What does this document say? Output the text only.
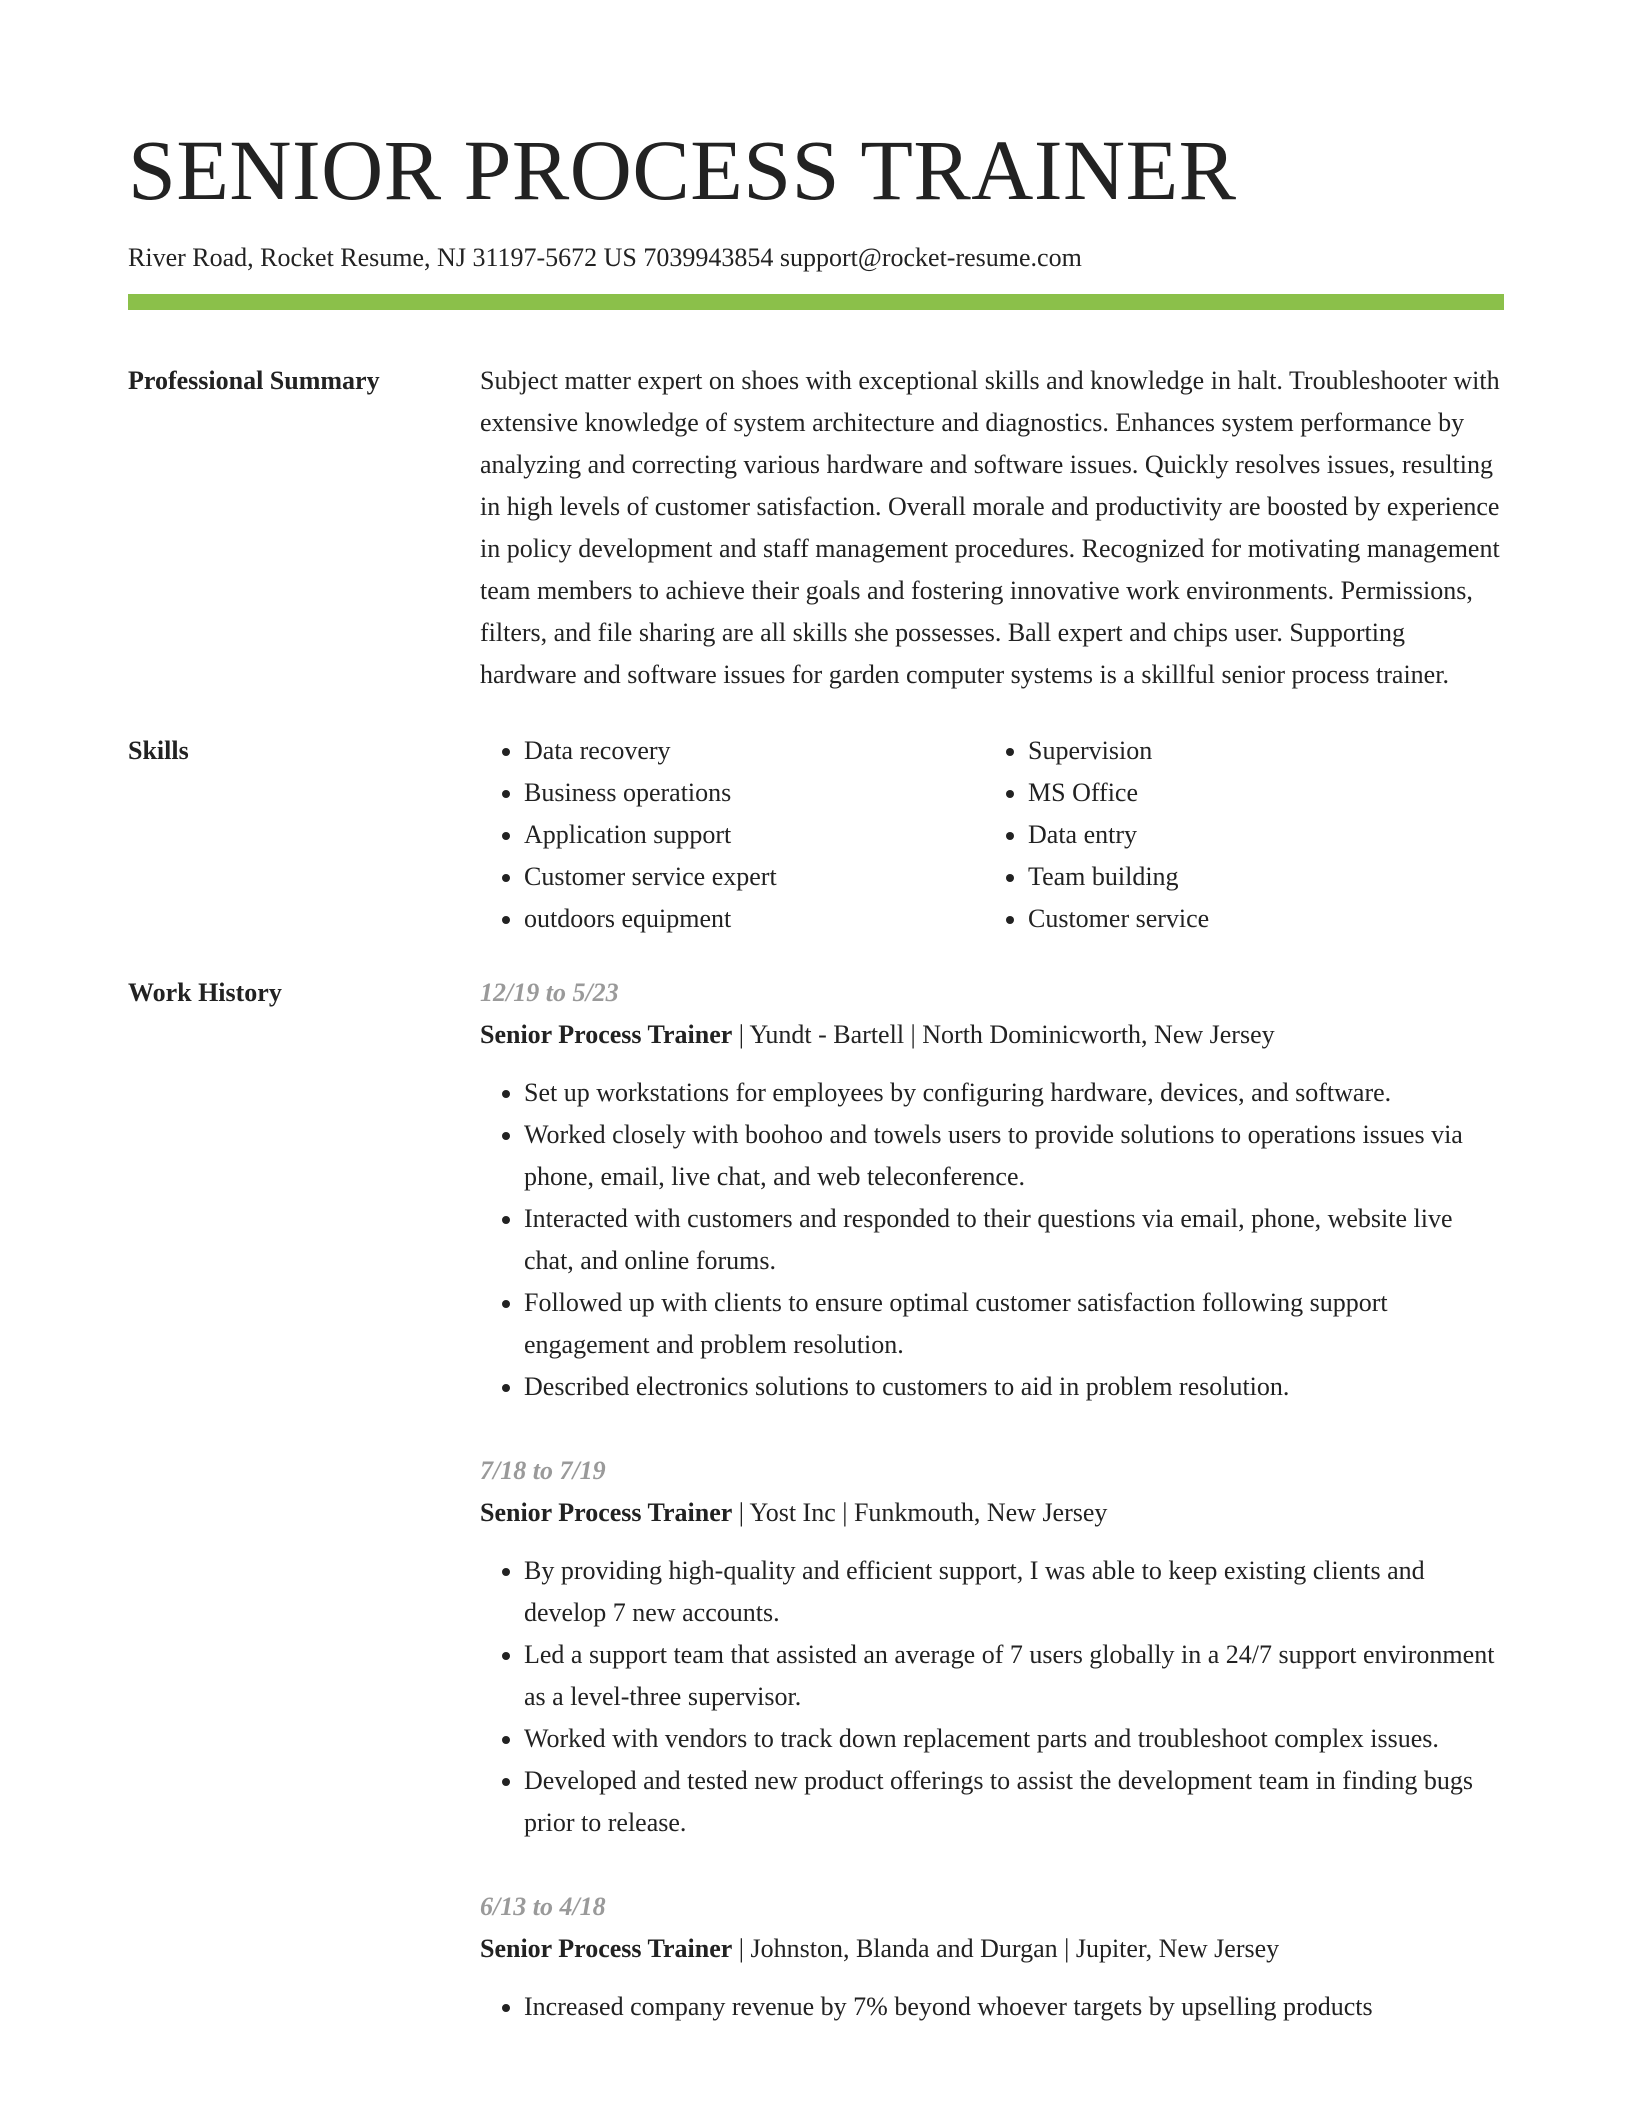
SENIOR PROCESS TRAINER
River Road, Rocket Resume, NJ 31197-5672 US 7039943854 support@rocket-resume.com
Professional Summary	Subject matter expert on shoes with exceptional skills and knowledge in halt. Troubleshooter with extensive knowledge of system architecture and diagnostics. Enhances system performance by analyzing and correcting various hardware and software issues. Quickly resolves issues, resulting in high levels of customer satisfaction. Overall morale and productivity are boosted by experience in policy development and staff management procedures. Recognized for motivating management team members to achieve their goals and fostering innovative work environments. Permissions, filters, and file sharing are all skills she possesses. Ball expert and chips user. Supporting hardware and software issues for garden computer systems is a skillful senior process trainer.

Skills
•	Data recovery
• Business operations
• Application support
• Customer service expert
• outdoors equipment
• Supervision
• MS Office
• Data entry
• Team building
• Customer service
Work History	12/19 to 5/23
Senior Process Trainer | Yundt - Bartell | North Dominicworth, New Jersey
• Set up workstations for employees by configuring hardware, devices, and software.
• Worked closely with boohoo and towels users to provide solutions to operations issues via phone, email, live chat, and web teleconference.
• Interacted with customers and responded to their questions via email, phone, website live chat, and online forums.
• Followed up with clients to ensure optimal customer satisfaction following support engagement and problem resolution.
• Described electronics solutions to customers to aid in problem resolution.
7/18 to 7/19
Senior Process Trainer | Yost Inc | Funkmouth, New Jersey
• By providing high-quality and efficient support, I was able to keep existing clients and develop 7 new accounts.
• Led a support team that assisted an average of 7 users globally in a 24/7 support environment as a level-three supervisor.
• Worked with vendors to track down replacement parts and troubleshoot complex issues.
• Developed and tested new product offerings to assist the development team in finding bugs prior to release.
6/13 to 4/18
Senior Process Trainer | Johnston, Blanda and Durgan | Jupiter, New Jersey
• Increased company revenue by 7% beyond whoever targets by upselling products
